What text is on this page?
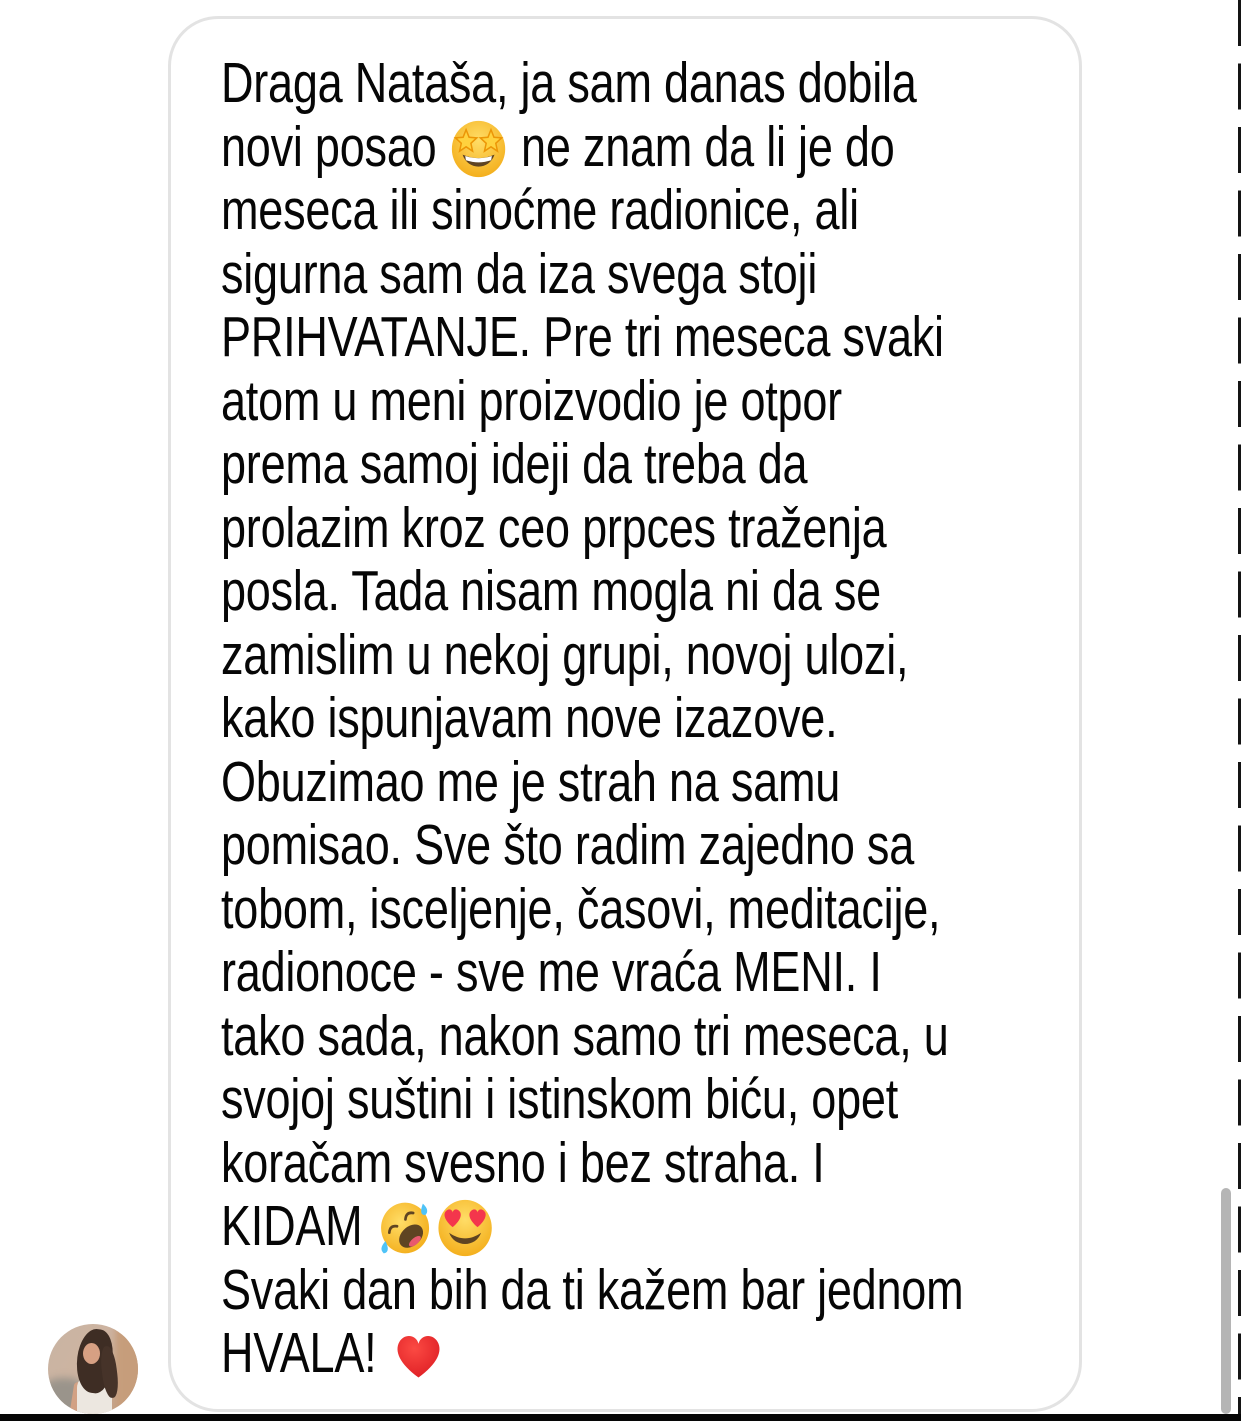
Draga Nataša, ja sam danas dobila
novi posao  ne znam da li je do
meseca ili sinoćme radionice, ali
sigurna sam da iza svega stoji
PRIHVATANJE. Pre tri meseca svaki
atom u meni proizvodio je otpor
prema samoj ideji da treba da
prolazim kroz ceo prpces traženja
posla. Tada nisam mogla ni da se
zamislim u nekoj grupi, novoj ulozi,
kako ispunjavam nove izazove.
Obuzimao me je strah na samu
pomisao. Sve što radim zajedno sa
tobom, isceljenje, časovi, meditacije,
radionoce - sve me vraća MENI. I
tako sada, nakon samo tri meseca, u
svojoj suštini i istinskom biću, opet
koračam svesno i bez straha. I
KIDAM
Svaki dan bih da ti kažem bar jednom
HVALA!
